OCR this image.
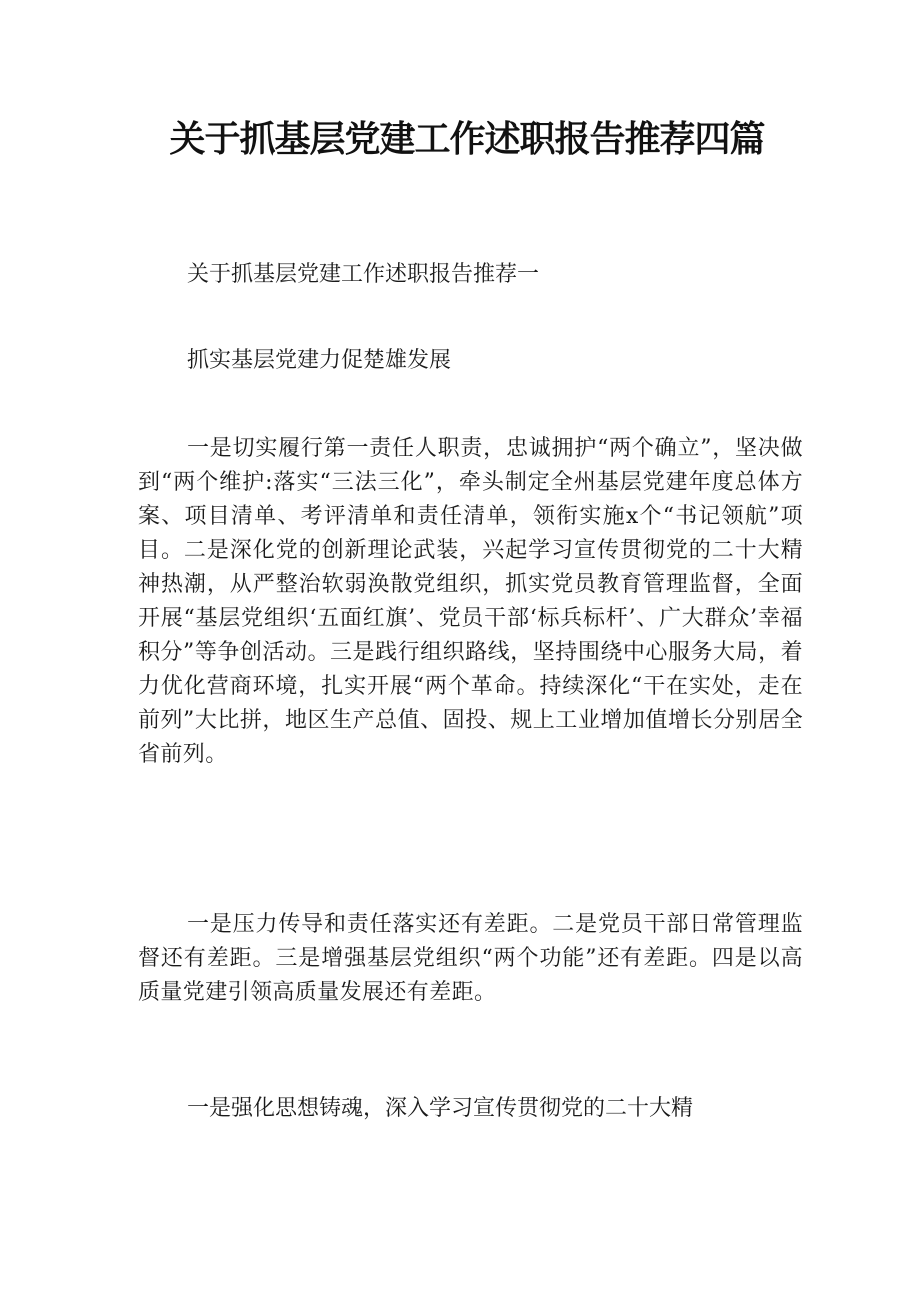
关于抓基层党建工作述职报告推荐四篇

关于抓基层党建工作述职报告推荐一

抓实基层党建力促楚雄发展

一是切实履行第一责任人职责，忠诚拥护“两个确立”，坚决做到“两个维护:落实“三法三化”，牵头制定全州基层党建年度总体方案、项目清单、考评清单和责任清单，领衔实施x个“书记领航”项目。二是深化党的创新理论武装，兴起学习宣传贯彻党的二十大精神热潮，从严整治软弱涣散党组织，抓实党员教育管理监督，全面开展“基层党组织‘五面红旗’、党员干部‘标兵标杆’、广大群众’幸福积分”等争创活动。三是践行组织路线，坚持围绕中心服务大局，着力优化营商环境，扎实开展“两个革命。持续深化“干在实处，走在前列”大比拼，地区生产总值、固投、规上工业增加值增长分别居全省前列。

一是压力传导和责任落实还有差距。二是党员干部日常管理监督还有差距。三是增强基层党组织“两个功能”还有差距。四是以高质量党建引领高质量发展还有差距。

一是强化思想铸魂，深入学习宣传贯彻党的二十大精
